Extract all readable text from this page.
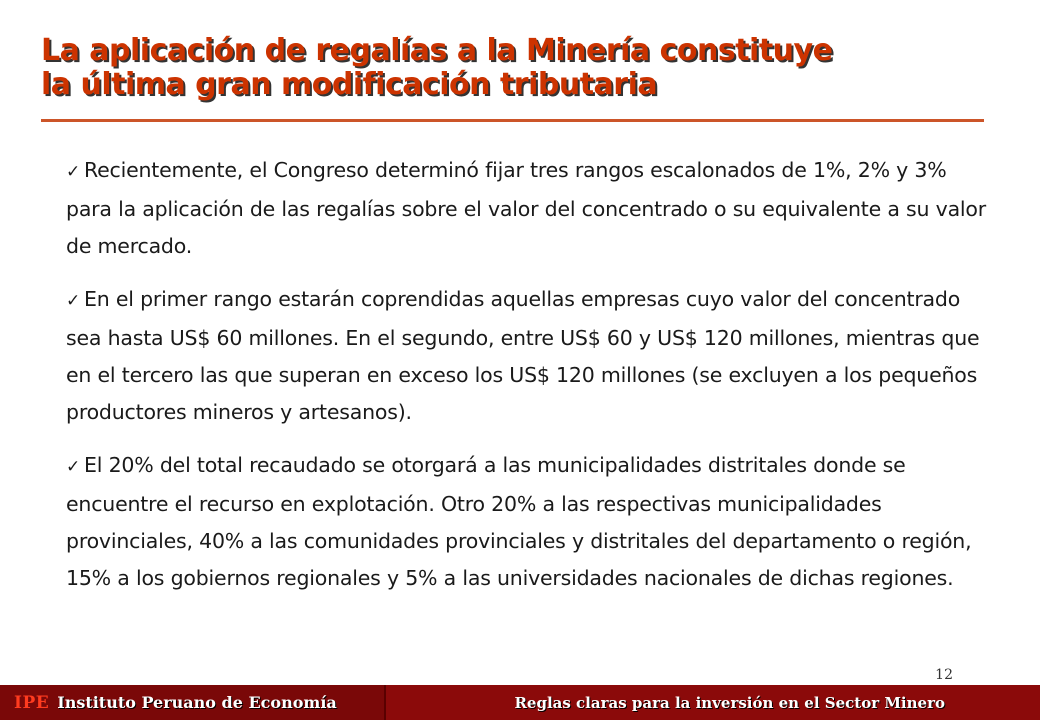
La aplicación de regalías a la Minería constituye
la última gran modificación tributaria

✓ Recientemente, el Congreso determinó fijar tres rangos escalonados de 1%, 2% y 3% para la aplicación de las regalías sobre el valor del concentrado o su equivalente a su valor de mercado.

✓ En el primer rango estarán coprendidas aquellas empresas cuyo valor del concentrado sea hasta US$ 60 millones. En el segundo, entre US$ 60 y US$ 120 millones, mientras que en el tercero las que superan en exceso los US$ 120 millones (se excluyen a los pequeños productores mineros y artesanos).

✓ El 20% del total recaudado se otorgará a las municipalidades distritales donde se encuentre el recurso en explotación. Otro 20% a las respectivas municipalidades provinciales, 40% a las comunidades provinciales y distritales del departamento o región, 15% a los gobiernos regionales y 5% a las universidades nacionales de dichas regiones.

12
IPE Instituto Peruano de Economía	Reglas claras para la inversión en el Sector Minero
